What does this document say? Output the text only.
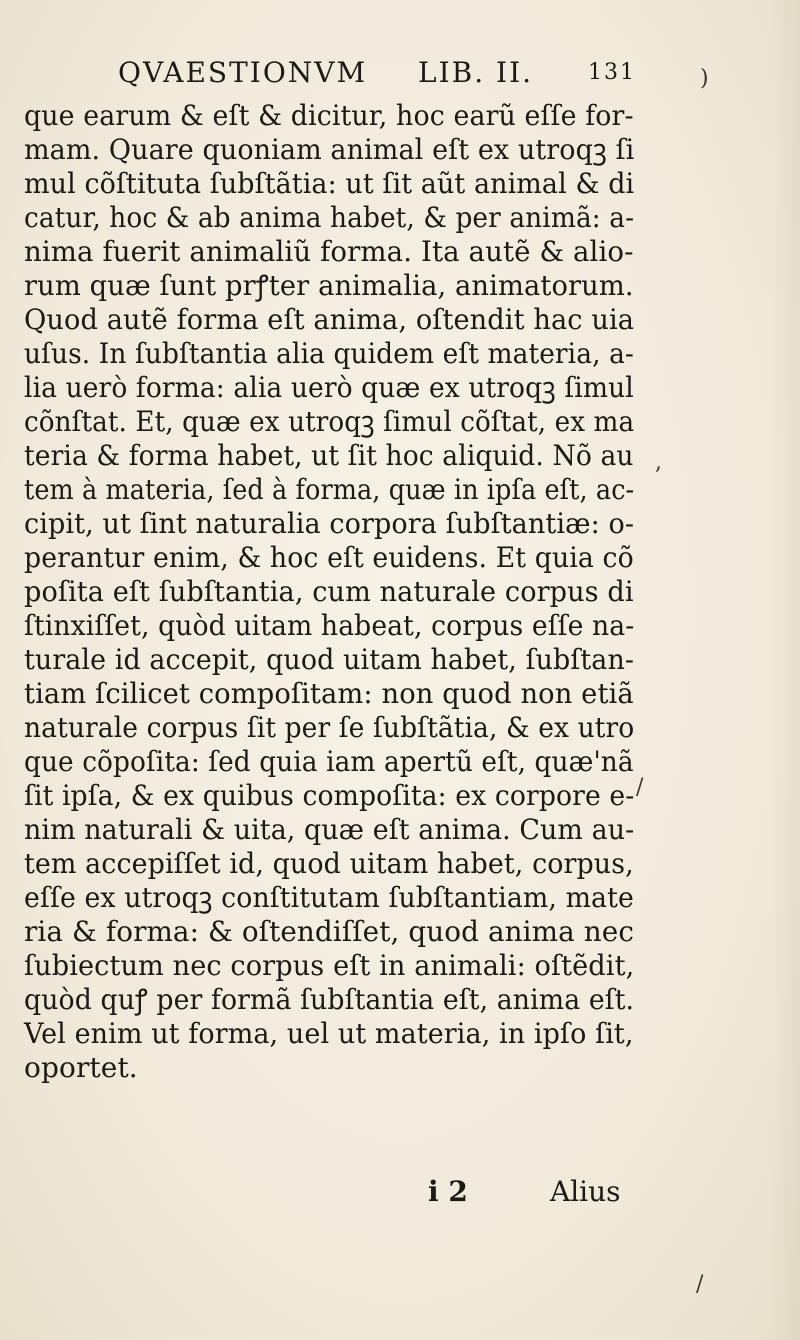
QVAESTIONVM LIB. II. 131
que earum & eſt & dicitur, hoc earũ eſſe for-
mam. Quare quoniam animal eſt ex utroqꝫ ſi
mul cõſtituta ſubſtãtia: ut ſit aũt animal & di
catur, hoc & ab anima habet, & per animã: a-
nima fuerit animaliũ forma. Ita autẽ & alio-
rum quæ ſunt prꝭter animalia, animatorum.
Quod autẽ forma eſt anima, oſtendit hac uia
uſus. In ſubſtantia alia quidem eſt materia, a-
lia uerò forma: alia uerò quæ ex utroqꝫ ſimul
cõnſtat. Et, quæ ex utroqꝫ ſimul cõſtat, ex ma
teria & forma habet, ut ſit hoc aliquid. Nõ au
tem à materia, ſed à forma, quæ in ipſa eſt, ac-
cipit, ut ſint naturalia corpora ſubſtantiæ: o-
perantur enim, & hoc eſt euidens. Et quia cõ
poſita eſt ſubſtantia, cum naturale corpus di
ſtinxiſſet, quòd uitam habeat, corpus eſſe na-
turale id accepit, quod uitam habet, ſubſtan-
tiam ſcilicet compoſitam: non quod non etiã
naturale corpus ſit per ſe ſubſtãtia, & ex utro
que cõpoſita: ſed quia iam apertũ eſt, quæ'nã
ſit ipſa, & ex quibus compoſita: ex corpore e-
nim naturali & uita, quæ eſt anima. Cum au-
tem accepiſſet id, quod uitam habet, corpus,
eſſe ex utroqꝫ conſtitutam ſubſtantiam, mate
ria & forma: & oſtendiſſet, quod anima nec
ſubiectum nec corpus eſt in animali: oſtẽdit,
quòd quꝭ per formã ſubſtantia eſt, anima eſt.
Vel enim ut forma, uel ut materia, in ipſo ſit,
oportet.
i 2	Alius
)
,
/
/
